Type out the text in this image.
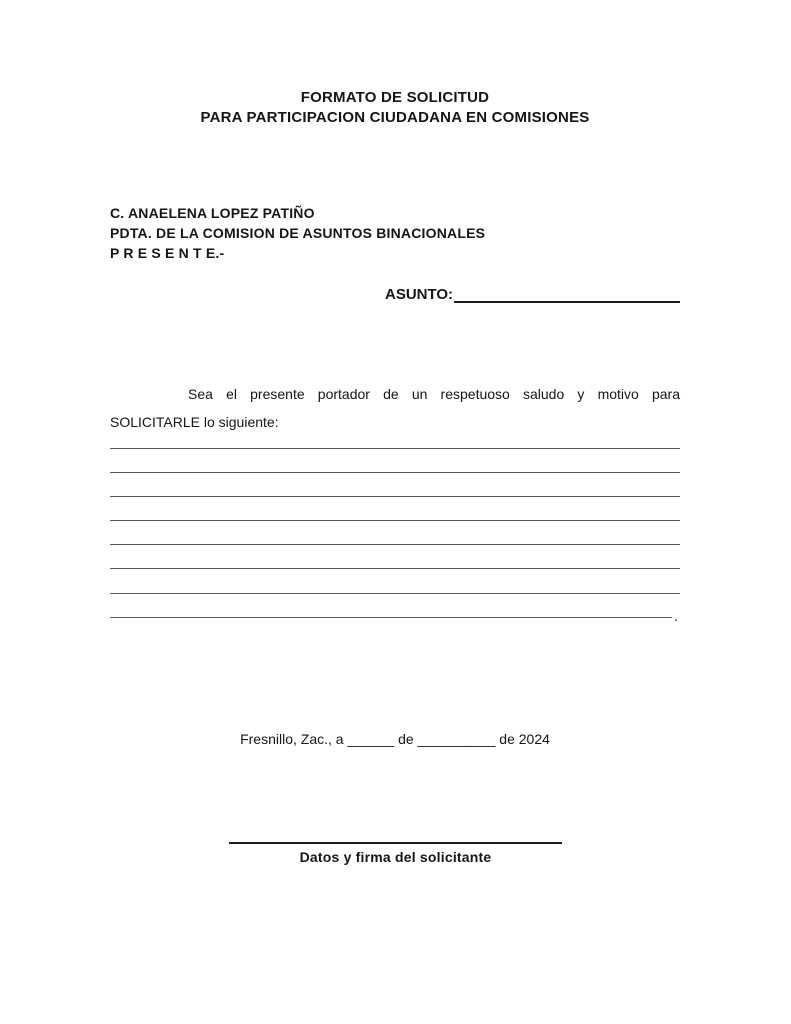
FORMATO DE SOLICITUD
PARA PARTICIPACION CIUDADANA EN COMISIONES
C. ANAELENA LOPEZ PATIÑO
PDTA. DE LA COMISION DE ASUNTOS BINACIONALES
P R E S E N T E.-
ASUNTO:
Sea el presente portador de un respetuoso saludo y motivo para
SOLICITARLE lo siguiente:
.
Fresnillo, Zac., a ______ de __________ de 2024
Datos y firma del solicitante
